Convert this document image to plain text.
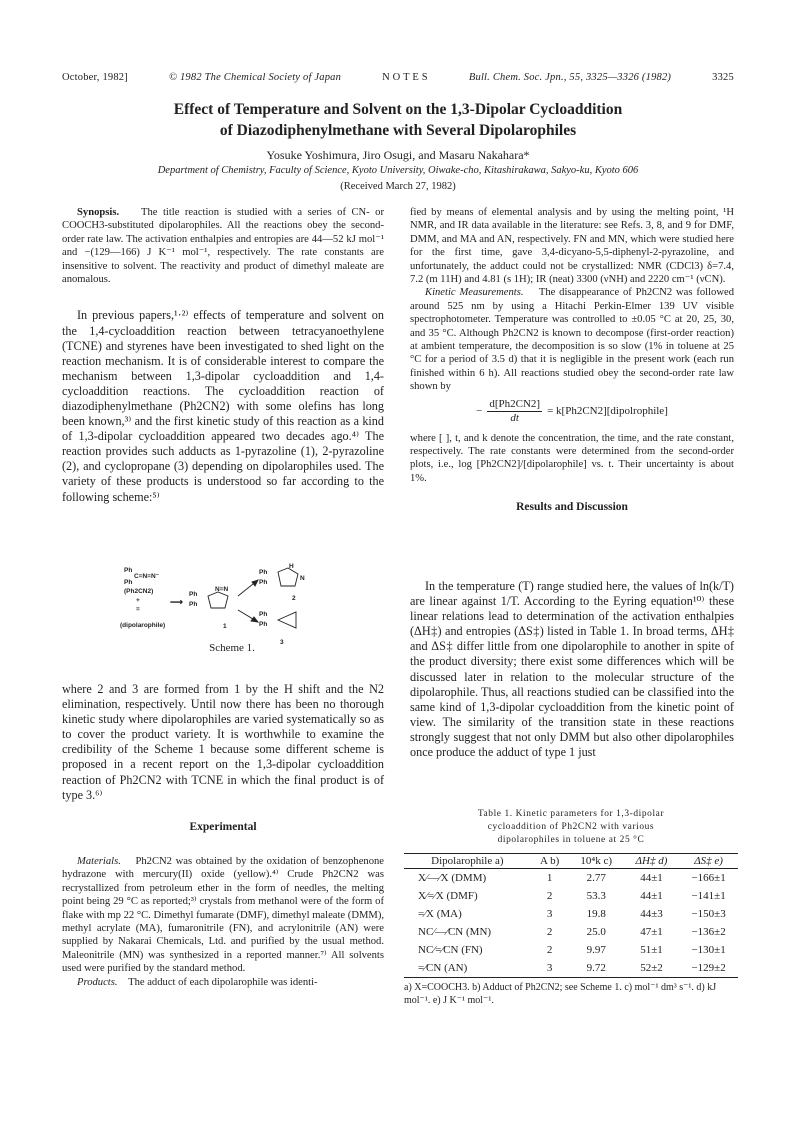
October, 1982]	© 1982 The Chemical Society of Japan	N O T E S	Bull. Chem. Soc. Jpn., 55, 3325—3326 (1982)	3325
Effect of Temperature and Solvent on the 1,3-Dipolar Cycloaddition
of Diazodiphenylmethane with Several Dipolarophiles
Yosuke Yoshimura, Jiro Osugi, and Masaru Nakahara*
Department of Chemistry, Faculty of Science, Kyoto University, Oiwake-cho, Kitashirakawa, Sakyo-ku, Kyoto 606
(Received March 27, 1982)

Synopsis. The title reaction is studied with a series of CN- or COOCH3-substituted dipolarophiles. All the reactions obey the second-order rate law. The activation enthalpies and entropies are 44—52 kJ mol⁻¹ and −(129—166) J K⁻¹ mol⁻¹, respectively. The rate constants are insensitive to solvent. The reactivity and product of dimethyl maleate are anomalous.

In previous papers,¹·²⁾ effects of temperature and solvent on the 1,4-cycloaddition reaction between tetracyanoethylene (TCNE) and styrenes have been investigated to shed light on the reaction mechanism. It is of considerable interest to compare the mechanism between 1,3-dipolar cycloaddition and 1,4-cycloaddition reactions. The cycloaddition reaction of diazodiphenylmethane (Ph2CN2) with some olefins has long been known,³⁾ and the first kinetic study of this reaction as a kind of 1,3-dipolar cycloaddition appeared two decades ago.⁴⁾ The reaction provides such adducts as 1-pyrazoline (1), 2-pyrazoline (2), and cyclopropane (3) depending on dipolarophiles used. The variety of these products is understood so far according to the following scheme:⁵⁾

Ph
C=N=N⁻
Ph
(Ph2CN2)
+
=
(dipolarophile)
⟶
Ph
Ph
N=N
1
Ph
Ph
H
N
2
Ph
Ph
3
Scheme 1.

where 2 and 3 are formed from 1 by the H shift and the N2 elimination, respectively. Until now there has been no thorough kinetic study where dipolarophiles are varied systematically so as to cover the product variety. It is worthwhile to examine the credibility of the Scheme 1 because some different scheme is proposed in a recent report on the 1,3-dipolar cycloaddition reaction of Ph2CN2 with TCNE in which the final product is of type 3.⁶⁾

Experimental

Materials. Ph2CN2 was obtained by the oxidation of benzophenone hydrazone with mercury(II) oxide (yellow).⁴⁾ Crude Ph2CN2 was recrystallized from petroleum ether in the form of needles, the melting point being 29 °C as reported;³⁾ crystals from methanol were of the form of flake with mp 22 °C. Dimethyl fumarate (DMF), dimethyl maleate (DMM), methyl acrylate (MA), fumaronitrile (FN), and acrylonitrile (AN) were supplied by Nakarai Chemicals, Ltd. and purified by the usual method. Maleonitrile (MN) was synthesized in a reported manner.⁷⁾ All solvents used were purified by the standard method.

Products. The adduct of each dipolarophile was identi-

fied by means of elemental analysis and by using the melting point, ¹H NMR, and IR data available in the literature: see Refs. 3, 8, and 9 for DMF, DMM, and MA and AN, respectively. FN and MN, which were studied here for the first time, gave 3,4-dicyano-5,5-diphenyl-2-pyrazoline, and unfortunately, the adduct could not be crystallized: NMR (CDCl3) δ=7.4, 7.2 (m 11H) and 4.81 (s 1H); IR (neat) 3300 (νNH) and 2220 cm⁻¹ (νCN).

Kinetic Measurements. The disappearance of Ph2CN2 was followed around 525 nm by using a Hitachi Perkin-Elmer 139 UV visible spectrophotometer. Temperature was controlled to ±0.05 °C at 20, 25, 30, and 35 °C. Although Ph2CN2 is known to decompose (first-order reaction) at ambient temperature, the decomposition is so slow (1% in toluene at 25 °C for a period of 3.5 d) that it is negligible in the present work (each run finished within 6 h). All reactions studied obey the second-order rate law shown by

− $\frac{d[Ph2CN2]}{dt}$ = k[Ph2CN2][dipolrophile]

where [ ], t, and k denote the concentration, the time, and the rate constant, respectively. The rate constants were determined from the second-order plots, i.e., log [Ph2CN2]/[dipolarophile] vs. t. Their uncertainty is about 1%.

Results and Discussion

In the temperature (T) range studied here, the values of ln(k/T) are linear against 1/T. According to the Eyring equation¹⁰⁾ these linear relations lead to determination of the activation enthalpies (ΔH‡) and entropies (ΔS‡) listed in Table 1. In broad terms, ΔH‡ and ΔS‡ differ little from one dipolarophile to another in spite of the product diversity; there exist some differences which will be discussed later in relation to the molecular structure of the dipolarophile. Thus, all reactions studied can be classified into the same kind of 1,3-dipolar cycloaddition from the kinetic point of view. The similarity of the transition state in these reactions strongly suggest that not only DMM but also other dipolarophiles once produce the adduct of type 1 just

Table 1. Kinetic parameters for 1,3-dipolar
cycloaddition of Ph2CN2 with various
dipolarophiles in toluene at 25 °C
Dipolarophile a)	A b)	10⁴k c)	ΔH‡ d)	ΔS‡ e)
X⁄—⁄X (DMM)	1	2.77	44±1	−166±1
X⁄=⁄X (DMF)	2	53.3	44±1	−141±1
=⁄X (MA)	3	19.8	44±3	−150±3
NC⁄—⁄CN (MN)	2	25.0	47±1	−136±2
NC⁄=⁄CN (FN)	2	9.97	51±1	−130±1
=⁄CN (AN)	3	9.72	52±2	−129±2
a) X=COOCH3. b) Adduct of Ph2CN2; see Scheme 1. c) mol⁻¹ dm³ s⁻¹. d) kJ mol⁻¹. e) J K⁻¹ mol⁻¹.
